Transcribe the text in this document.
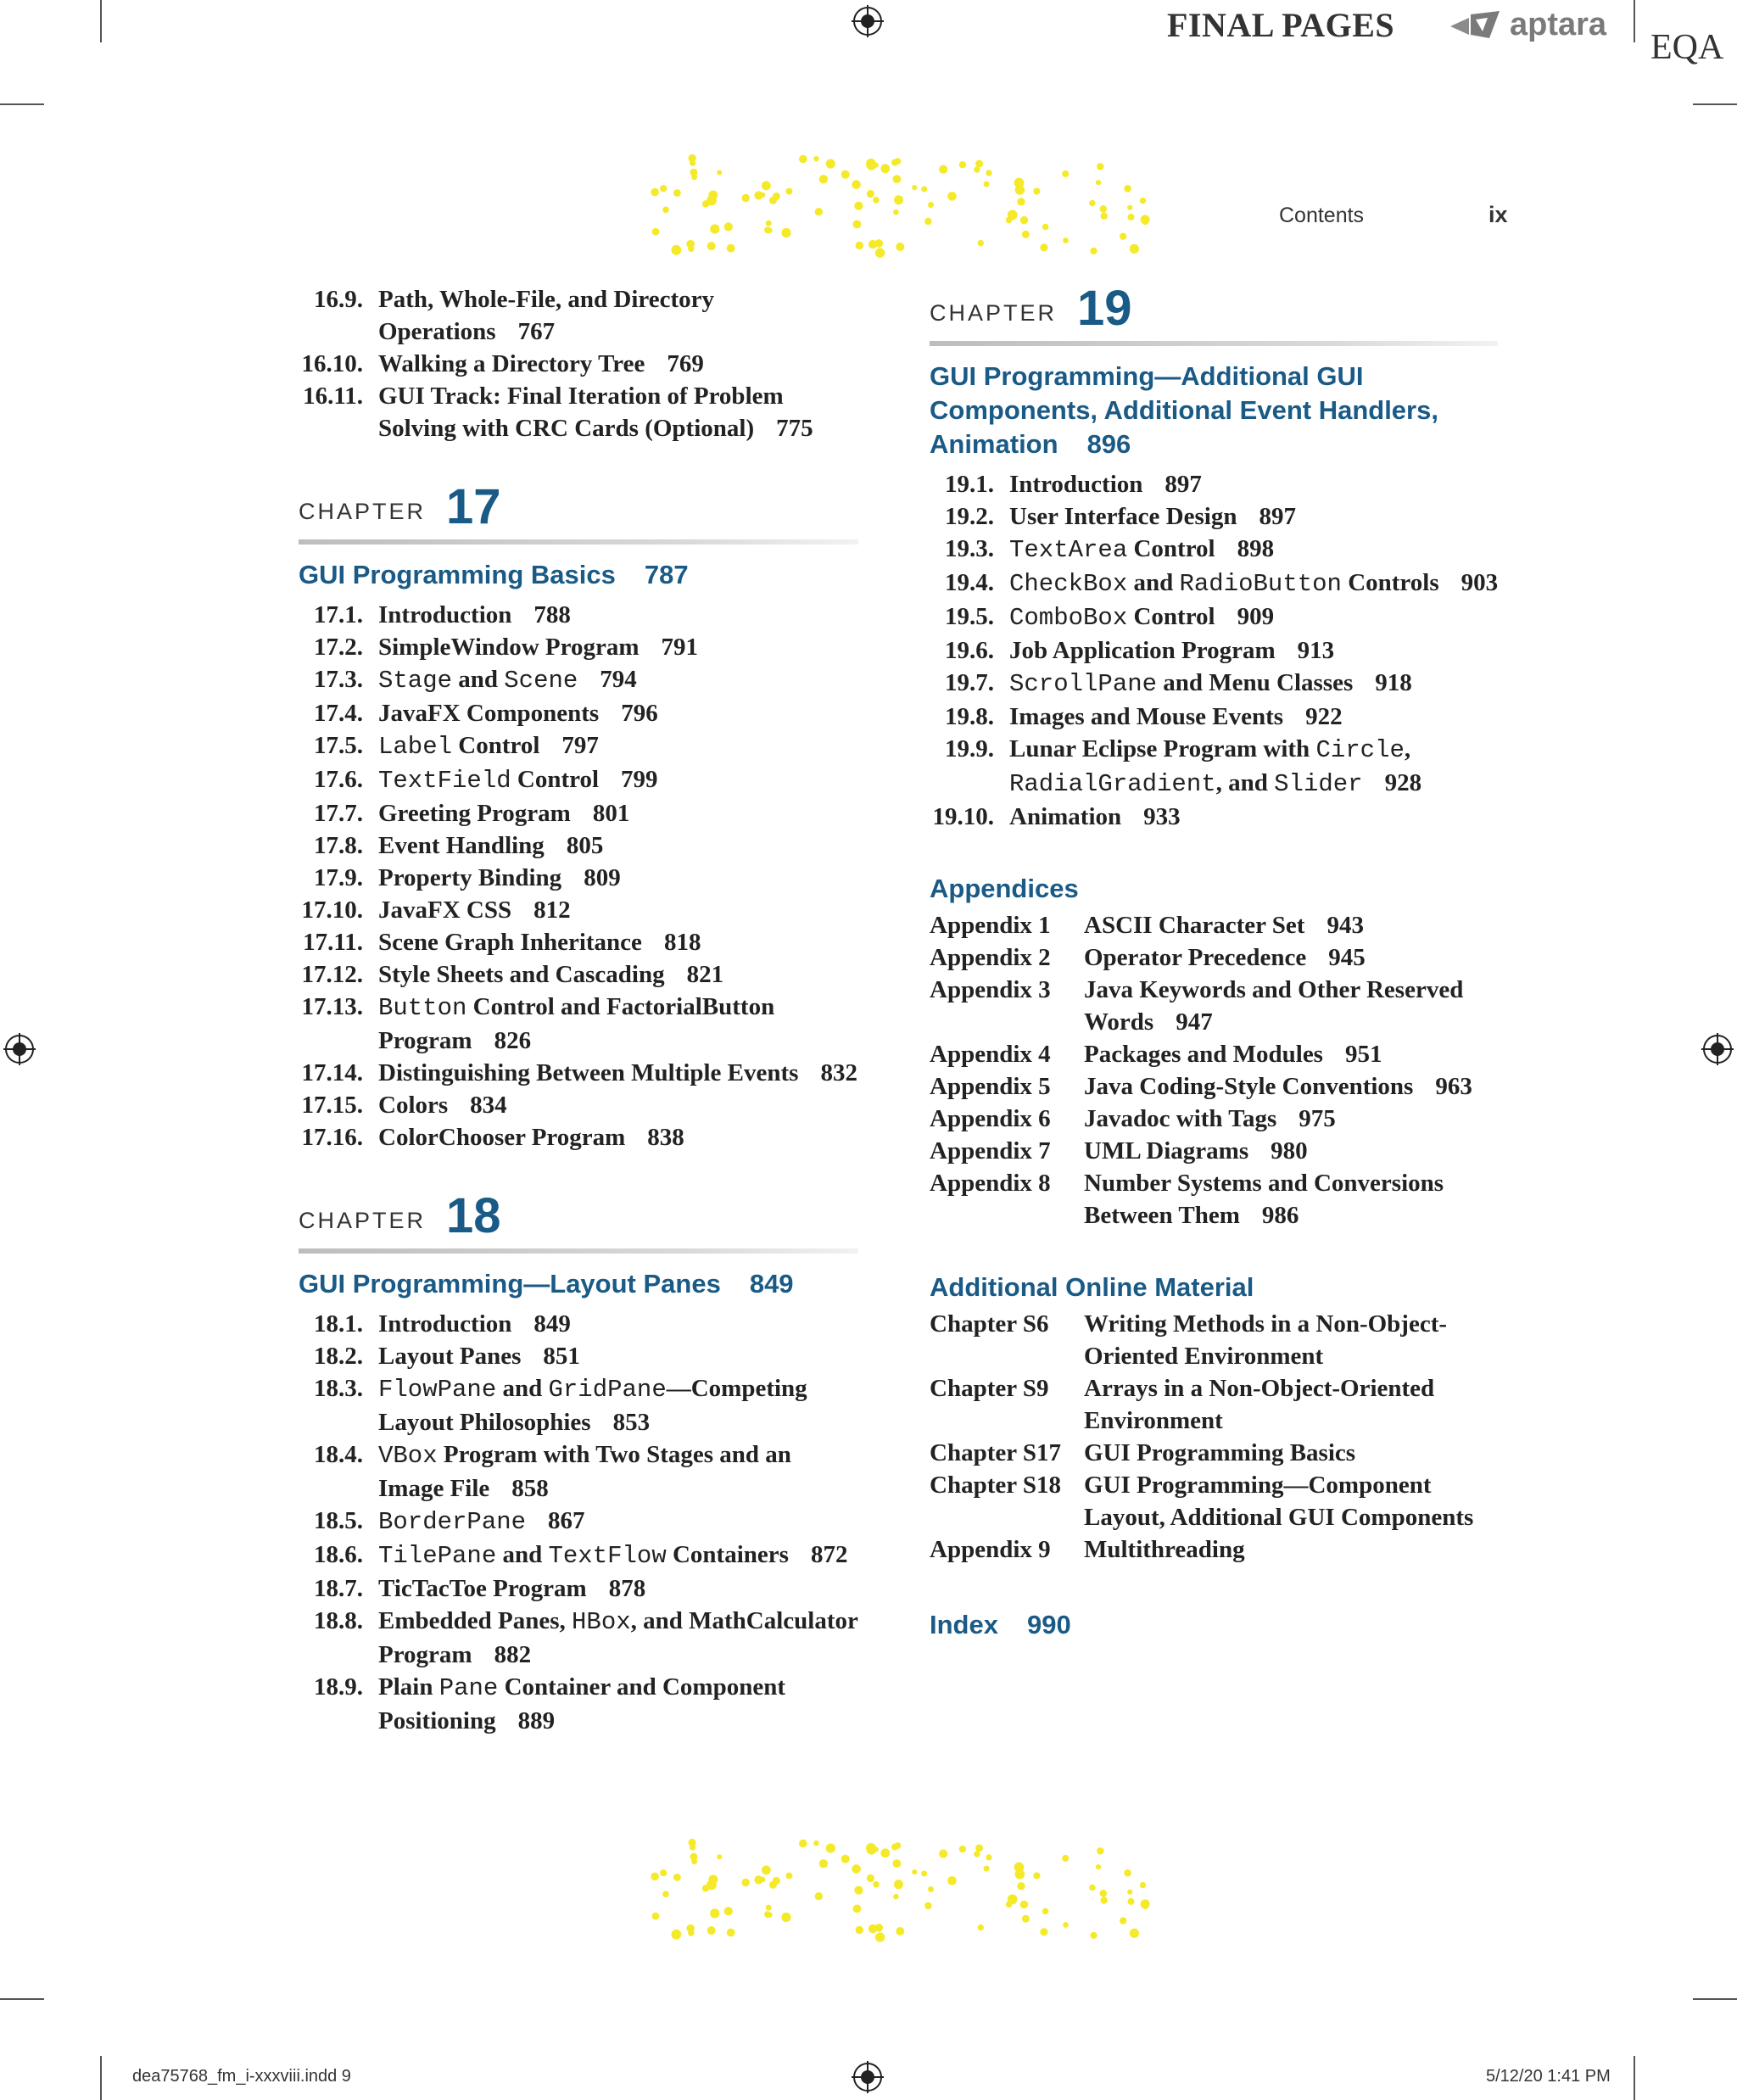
FINAL PAGES	aptara
EQA
Contents	ix
16.9. Path, Whole-File, and Directory
Operations 767
16.10. Walking a Directory Tree 769
16.11. GUI Track: Final Iteration of Problem
Solving with CRC Cards (Optional) 775
CHAPTER 17
GUI Programming Basics 787
17.1. Introduction 788
17.2. SimpleWindow Program 791
17.3. Stage and Scene 794
17.4. JavaFX Components 796
17.5. Label Control 797
17.6. TextField Control 799
17.7. Greeting Program 801
17.8. Event Handling 805
17.9. Property Binding 809
17.10. JavaFX CSS 812
17.11. Scene Graph Inheritance 818
17.12. Style Sheets and Cascading 821
17.13. Button Control and FactorialButton
Program 826
17.14. Distinguishing Between Multiple Events 832
17.15. Colors 834
17.16. ColorChooser Program 838
CHAPTER 18
GUI Programming—Layout Panes 849
18.1. Introduction 849
18.2. Layout Panes 851
18.3. FlowPane and GridPane—Competing
Layout Philosophies 853
18.4. VBox Program with Two Stages and an
Image File 858
18.5. BorderPane 867
18.6. TilePane and TextFlow Containers 872
18.7. TicTacToe Program 878
18.8. Embedded Panes, HBox, and MathCalculator
Program 882
18.9. Plain Pane Container and Component
Positioning 889
CHAPTER 19
GUI Programming—Additional GUI
Components, Additional Event Handlers,
Animation 896
19.1. Introduction 897
19.2. User Interface Design 897
19.3. TextArea Control 898
19.4. CheckBox and RadioButton Controls 903
19.5. ComboBox Control 909
19.6. Job Application Program 913
19.7. ScrollPane and Menu Classes 918
19.8. Images and Mouse Events 922
19.9. Lunar Eclipse Program with Circle,
RadialGradient, and Slider 928
19.10. Animation 933
Appendices
Appendix 1	ASCII Character Set 943
Appendix 2	Operator Precedence 945
Appendix 3	Java Keywords and Other Reserved
Words 947
Appendix 4	Packages and Modules 951
Appendix 5	Java Coding-Style Conventions 963
Appendix 6	Javadoc with Tags 975
Appendix 7	UML Diagrams 980
Appendix 8	Number Systems and Conversions
Between Them 986
Additional Online Material
Chapter S6	Writing Methods in a Non-Object-
Oriented Environment
Chapter S9	Arrays in a Non-Object-Oriented
Environment
Chapter S17 GUI Programming Basics
Chapter S18 GUI Programming—Component
Layout, Additional GUI Components
Appendix 9	Multithreading
Index 990
dea75768_fm_i-xxxviii.indd 9	5/12/20 1:41 PM
